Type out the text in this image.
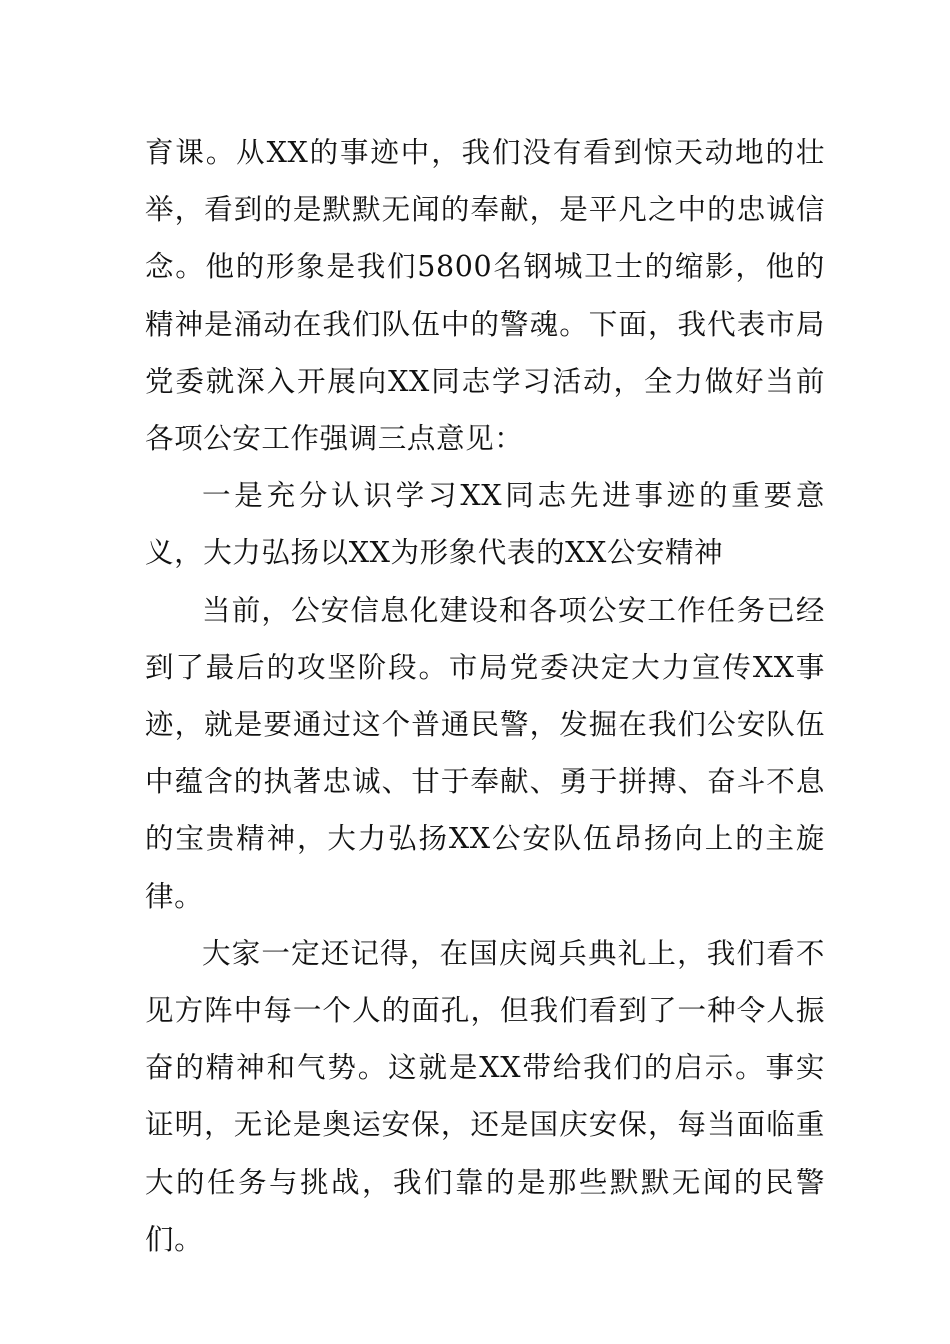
育课。从XX的事迹中，我们没有看到惊天动地的壮举，看到的是默默无闻的奉献，是平凡之中的忠诚信念。他的形象是我们5800名钢城卫士的缩影，他的精神是涌动在我们队伍中的警魂。下面，我代表市局党委就深入开展向XX同志学习活动，全力做好当前各项公安工作强调三点意见：

一是充分认识学习XX同志先进事迹的重要意义，大力弘扬以XX为形象代表的XX公安精神

当前，公安信息化建设和各项公安工作任务已经到了最后的攻坚阶段。市局党委决定大力宣传XX事迹，就是要通过这个普通民警，发掘在我们公安队伍中蕴含的执著忠诚、甘于奉献、勇于拼搏、奋斗不息的宝贵精神，大力弘扬XX公安队伍昂扬向上的主旋律。

大家一定还记得，在国庆阅兵典礼上，我们看不见方阵中每一个人的面孔，但我们看到了一种令人振奋的精神和气势。这就是XX带给我们的启示。事实证明，无论是奥运安保，还是国庆安保，每当面临重大的任务与挑战，我们靠的是那些默默无闻的民警们。
